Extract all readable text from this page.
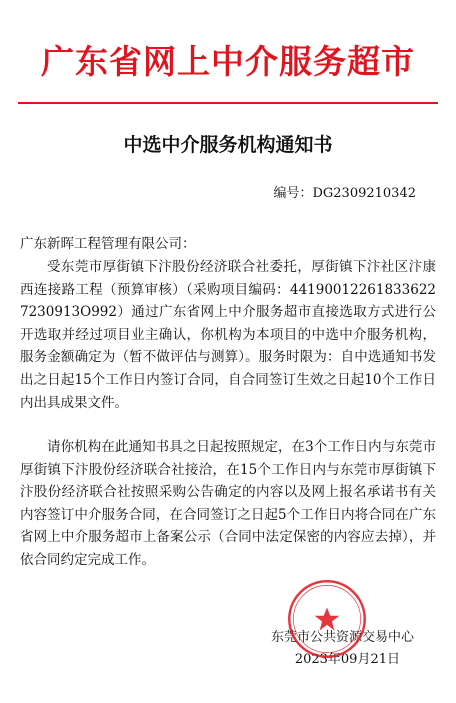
广东省网上中介服务超市
中选中介服务机构通知书
编号：DG2309210342
广东新晖工程管理有限公司：

受东莞市厚街镇下汴股份经济联合社委托，厚街镇下汴社区汴康西连接路工程（预算审核）（采购项目编码：441900122618336227230913O992）通过广东省网上中介服务超市直接选取方式进行公开选取并经过项目业主确认，你机构为本项目的中选中介服务机构，服务金额确定为（暂不做评估与测算）。服务时限为：自中选通知书发出之日起15个工作日内签订合同，自合同签订生效之日起10个工作日内出具成果文件。

请你机构在此通知书具之日起按照规定，在3个工作日内与东莞市厚街镇下汴股份经济联合社接洽，在15个工作日内与东莞市厚街镇下汴股份经济联合社按照采购公告确定的内容以及网上报名承诺书有关内容签订中介服务合同，在合同签订之日起5个工作日内将合同在广东省网上中介服务超市上备案公示（合同中法定保密的内容应去掉），并依合同约定完成工作。

东莞市公共资源交易中心
2023年09月21日
